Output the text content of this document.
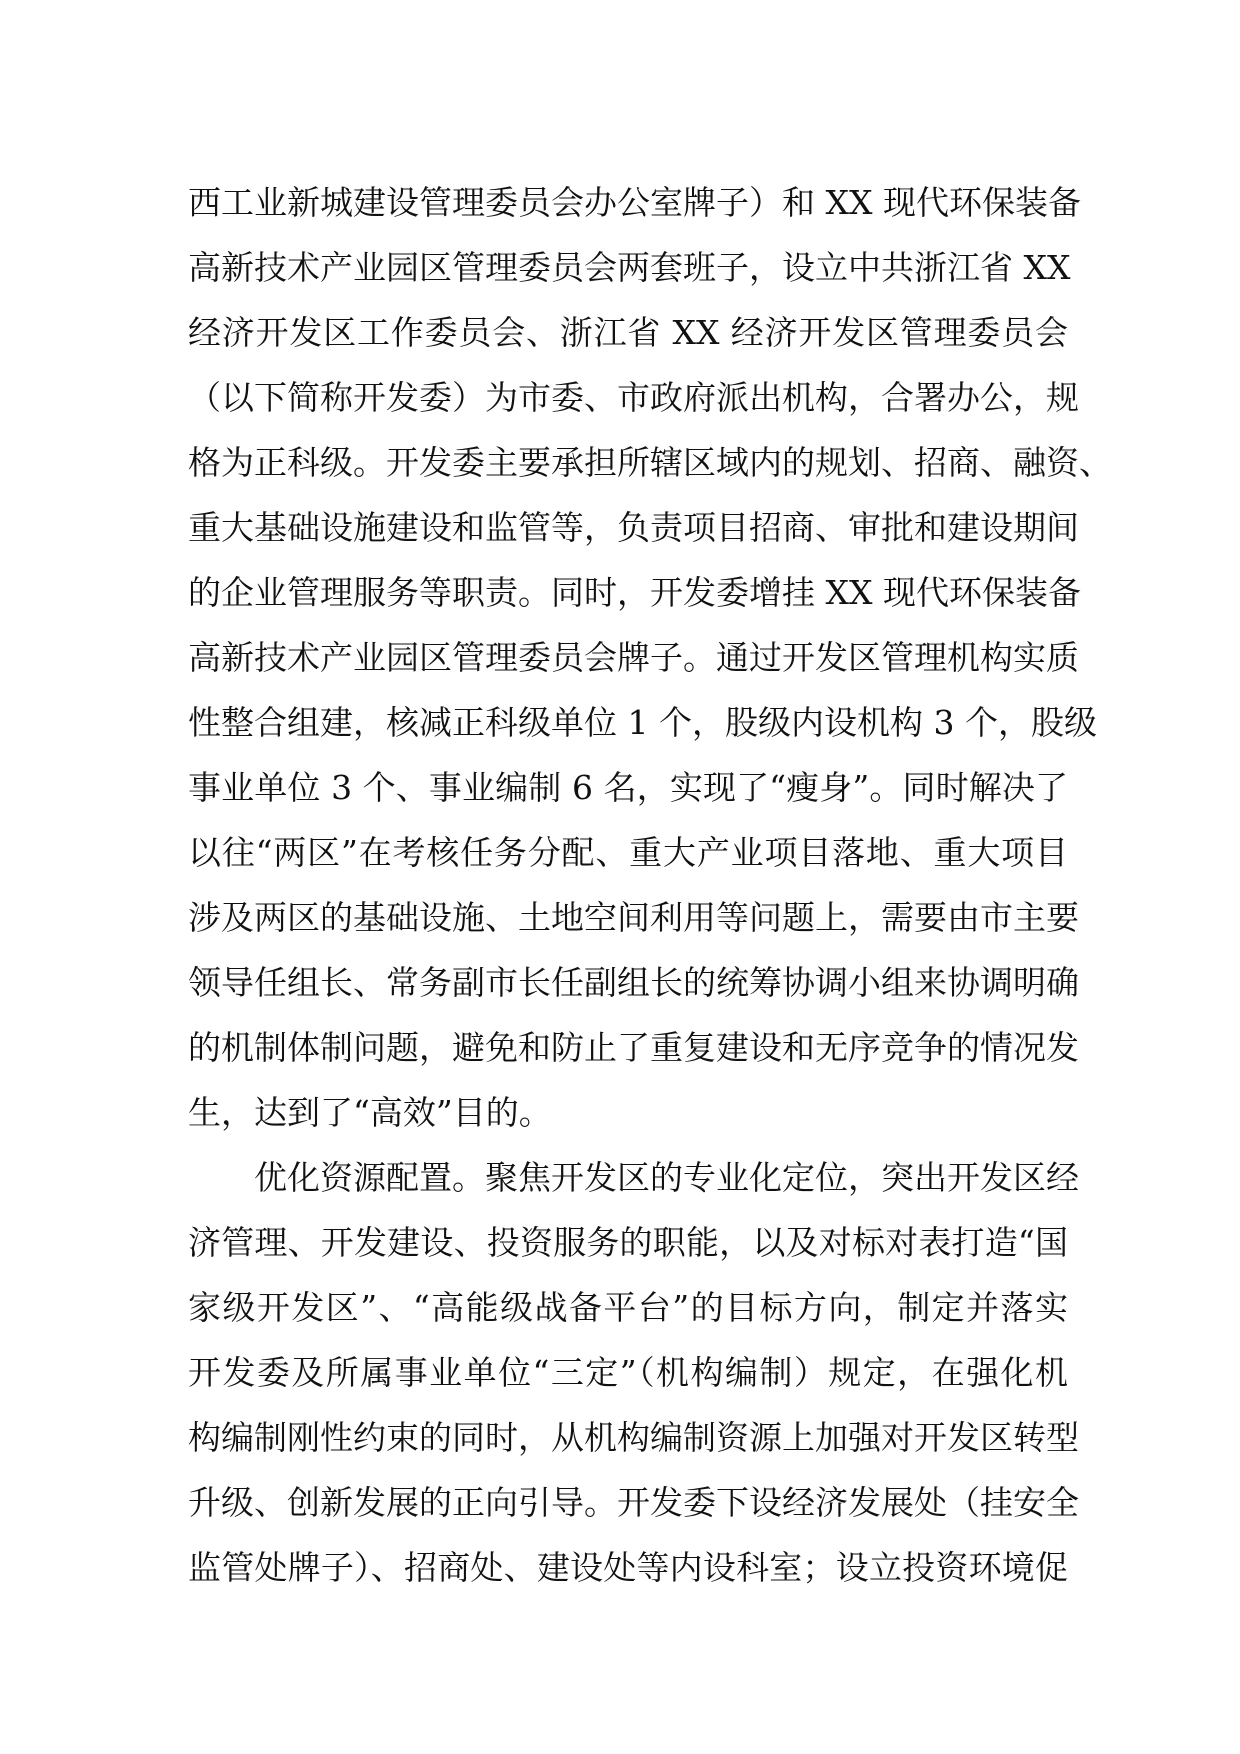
西工业新城建设管理委员会办公室牌子）和 XX 现代环保装备
高新技术产业园区管理委员会两套班子，设立中共浙江省 XX
经济开发区工作委员会、浙江省 XX 经济开发区管理委员会
（以下简称开发委）为市委、市政府派出机构，合署办公，规
格为正科级。开发委主要承担所辖区域内的规划、招商、融资、
重大基础设施建设和监管等，负责项目招商、审批和建设期间
的企业管理服务等职责。同时，开发委增挂 XX 现代环保装备
高新技术产业园区管理委员会牌子。通过开发区管理机构实质
性整合组建，核减正科级单位 1 个，股级内设机构 3 个，股级
事业单位 3 个、事业编制 6 名，实现了“瘦身”。同时解决了
以往“两区”在考核任务分配、重大产业项目落地、重大项目
涉及两区的基础设施、土地空间利用等问题上，需要由市主要
领导任组长、常务副市长任副组长的统筹协调小组来协调明确
的机制体制问题，避免和防止了重复建设和无序竞争的情况发
生，达到了“高效”目的。
优化资源配置。聚焦开发区的专业化定位，突出开发区经
济管理、开发建设、投资服务的职能，以及对标对表打造“国
家级开发区”、“高能级战备平台”的目标方向，制定并落实
开发委及所属事业单位“三定”（机构编制）规定，在强化机
构编制刚性约束的同时，从机构编制资源上加强对开发区转型
升级、创新发展的正向引导。开发委下设经济发展处（挂安全
监管处牌子）、招商处、建设处等内设科室；设立投资环境促
